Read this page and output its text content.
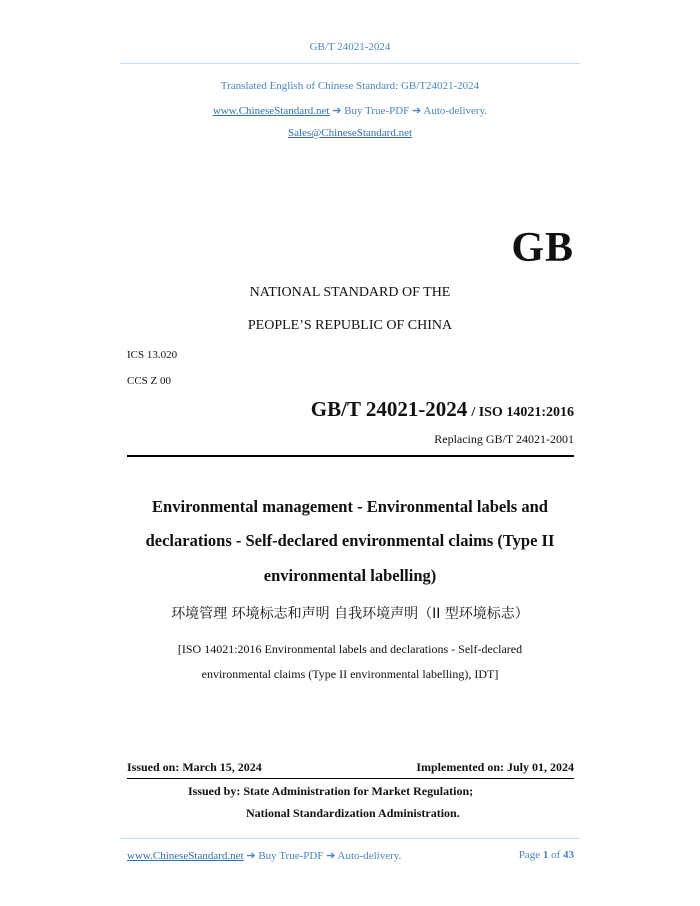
GB/T 24021-2024
Translated English of Chinese Standard: GB/T24021-2024
www.ChineseStandard.net ➔ Buy True-PDF ➔ Auto-delivery.
Sales@ChineseStandard.net
GB
NATIONAL STANDARD OF THE
PEOPLE’S REPUBLIC OF CHINA
ICS 13.020
CCS Z 00
GB/T 24021-2024 / ISO 14021:2016
Replacing GB/T 24021-2001
Environmental management - Environmental labels and
declarations - Self-declared environmental claims (Type II
environmental labelling)
环境管理 环境标志和声明 自我环境声明（II 型环境标志）
[ISO 14021:2016 Environmental labels and declarations - Self-declared
environmental claims (Type II environmental labelling), IDT]
Issued on: March 15, 2024	Implemented on: July 01, 2024
Issued by: State Administration for Market Regulation;
National Standardization Administration.
www.ChineseStandard.net ➔ Buy True-PDF ➔ Auto-delivery.	Page 1 of 43
